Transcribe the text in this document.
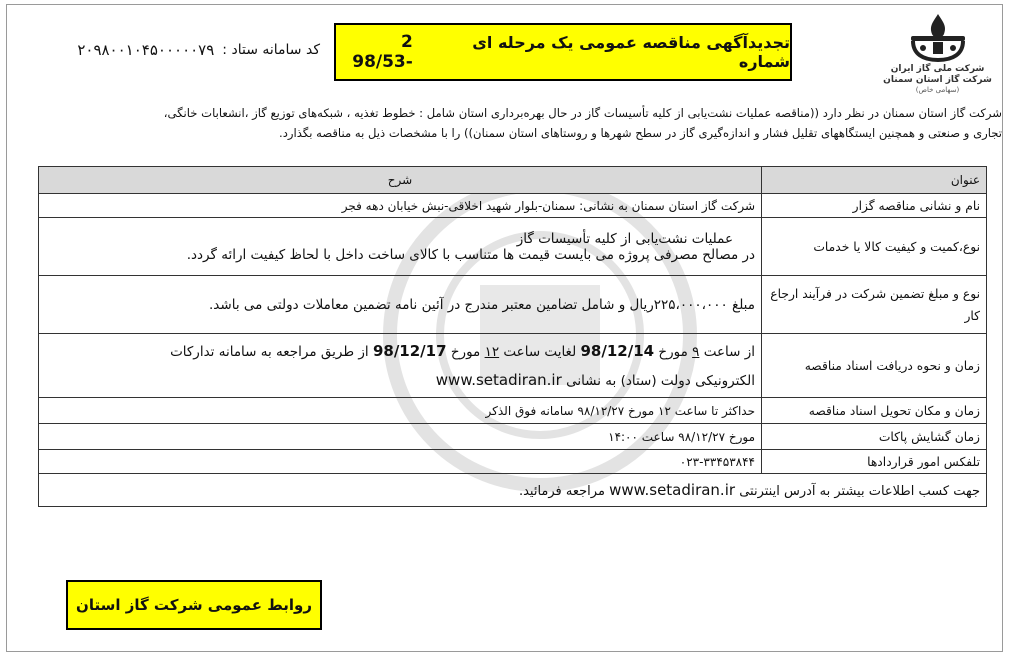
شرکت ملی گاز ایران
شرکت گاز استان سمنان
(سهامی خاص)
تجدیدآگهی مناقصه عمومی یک مرحله ای شماره
2 -98/53
کد سامانه ستاد :
۲۰۹۸۰۰۱۰۴۵۰۰۰۰۰۷۹
شرکت گاز استان سمنان در نظر دارد ((مناقصه عملیات نشت‌یابی از کلیه تأسیسات گاز در حال بهره‌برداری استان شامل : خطوط تغذیه ، شبکه‌های توزیع گاز ،انشعابات خانگی،
تجاری و صنعتی و همچنین ایستگاههای تقلیل فشار و اندازه‌گیری گاز در سطح شهرها و روستاهای استان سمنان)) را با مشخصات ذیل به مناقصه بگذارد.
عنوان	شرح
نام و نشانی مناقصه گزار	شرکت گاز استان سمنان به نشانی: سمنان-بلوار شهید اخلاقی-نبش خیابان دهه فجر
نوع،کمیت و کیفیت کالا یا خدمات	عملیات نشت‌یابی از کلیه تأسیسات گاز
در مصالح مصرفی پروژه می بایست قیمت ها متناسب با کالای ساخت داخل با لحاظ کیفیت ارائه گردد.

نوع و مبلغ تضمین شرکت در فرآیند ارجاع کار	مبلغ ۲۲۵،۰۰۰،۰۰۰ریال و شامل تضامین معتبر مندرج در آئین نامه تضمین معاملات دولتی می باشد.
زمان و نحوه دریافت اسناد مناقصه	از ساعت ۹ مورخ 98/12/14 لغایت ساعت ۱۲ مورخ 98/12/17 از طریق مراجعه به سامانه تدارکات
الکترونیکی دولت (ستاد) به نشانی www.setadiran.ir

زمان و مکان تحویل اسناد مناقصه	حداکثر تا ساعت ۱۲ مورخ ۹۸/۱۲/۲۷ سامانه فوق الذکر
زمان گشایش پاکات	مورخ ۹۸/۱۲/۲۷ ساعت ۱۴:۰۰
تلفکس امور قراردادها	۰۲۳-۳۳۴۵۳۸۴۴
جهت کسب اطلاعات بیشتر به آدرس اینترنتی www.setadiran.ir مراجعه فرمائید.	
روابط عمومی شرکت گاز استان
